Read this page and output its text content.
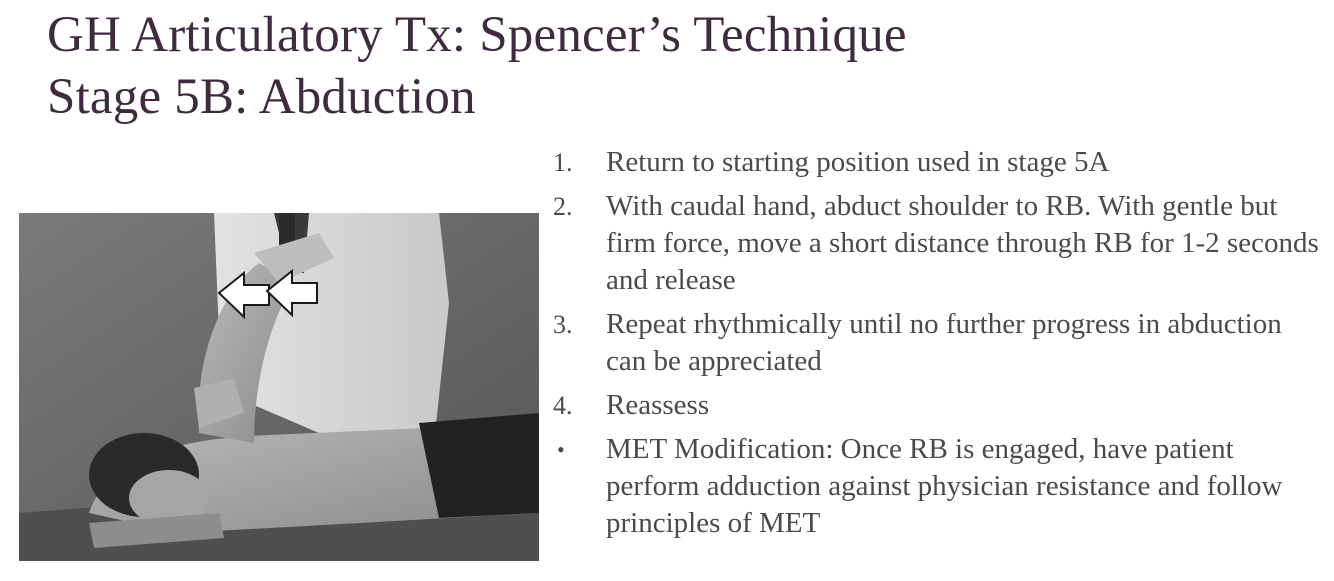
GH Articulatory Tx: Spencer’s Technique
Stage 5B: Abduction
1. Return to starting position used in stage 5A
2. With caudal hand, abduct shoulder to RB. With gentle but firm force, move a short distance through RB for 1-2 seconds and release
3. Repeat rhythmically until no further progress in abduction can be appreciated
4. Reassess
• MET Modification: Once RB is engaged, have patient perform adduction against physician resistance and follow principles of MET
